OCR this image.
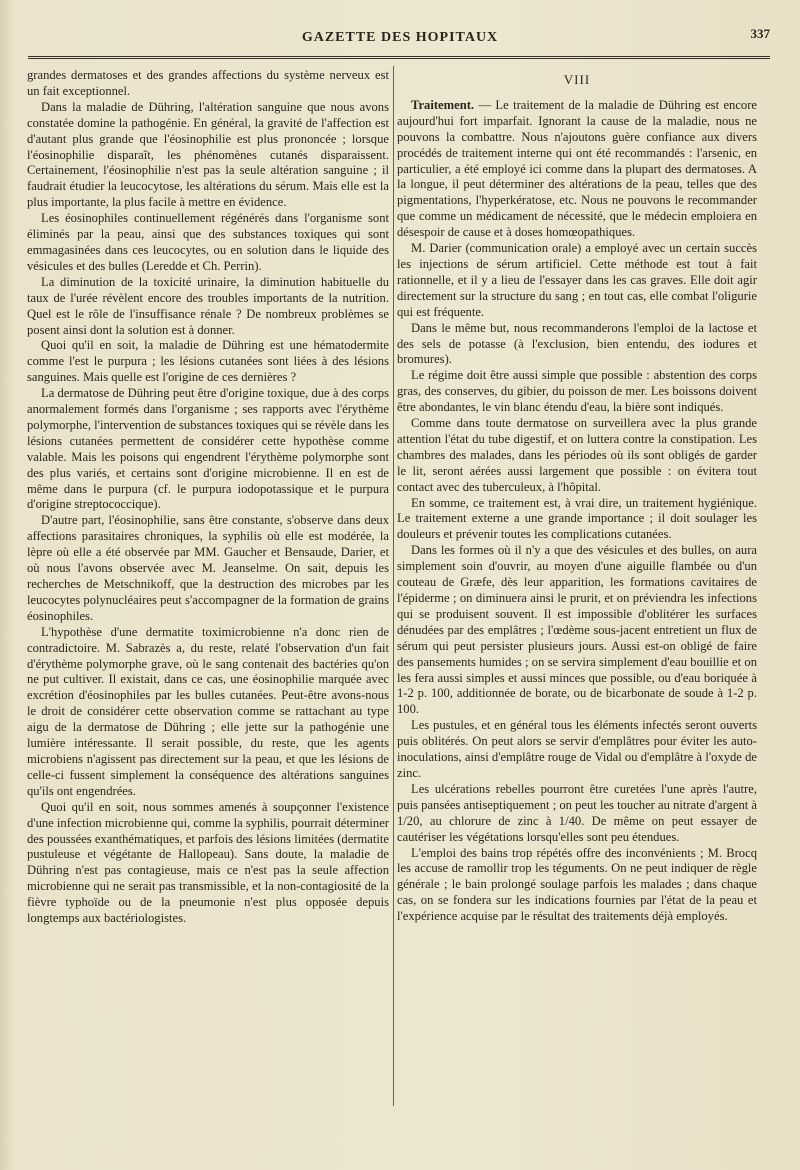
GAZETTE DES HOPITAUX	337

grandes dermatoses et des grandes affections du système nerveux est un fait exceptionnel.

Dans la maladie de Dühring, l'altération sanguine que nous avons constatée domine la pathogénie. En général, la gravité de l'affection est d'autant plus grande que l'éosinophilie est plus prononcée ; lorsque l'éosinophilie disparaît, les phénomènes cutanés disparaissent. Certainement, l'éosinophilie n'est pas la seule altération sanguine ; il faudrait étudier la leucocytose, les altérations du sérum. Mais elle est la plus importante, la plus facile à mettre en évidence.

Les éosinophiles continuellement régénérés dans l'organisme sont éliminés par la peau, ainsi que des substances toxiques qui sont emmagasinées dans ces leucocytes, ou en solution dans le liquide des vésicules et des bulles (Leredde et Ch. Perrin).

La diminution de la toxicité urinaire, la diminution habituelle du taux de l'urée révèlent encore des troubles importants de la nutrition. Quel est le rôle de l'insuffisance rénale ? De nombreux problèmes se posent ainsi dont la solution est à donner.

Quoi qu'il en soit, la maladie de Dühring est une hématodermite comme l'est le purpura ; les lésions cutanées sont liées à des lésions sanguines. Mais quelle est l'origine de ces dernières ?

La dermatose de Dühring peut être d'origine toxique, due à des corps anormalement formés dans l'organisme ; ses rapports avec l'érythème polymorphe, l'intervention de substances toxiques qui se révèle dans les lésions cutanées permettent de considérer cette hypothèse comme valable. Mais les poisons qui engendrent l'érythème polymorphe sont des plus variés, et certains sont d'origine microbienne. Il en est de même dans le purpura (cf. le purpura iodopotassique et le purpura d'origine streptococcique).

D'autre part, l'éosinophilie, sans être constante, s'observe dans deux affections parasitaires chroniques, la syphilis où elle est modérée, la lèpre où elle a été observée par MM. Gaucher et Bensaude, Darier, et où nous l'avons observée avec M. Jeanselme. On sait, depuis les recherches de Metschnikoff, que la destruction des microbes par les leucocytes polynucléaires peut s'accompagner de la formation de grains éosinophiles.

L'hypothèse d'une dermatite toximicrobienne n'a donc rien de contradictoire. M. Sabrazès a, du reste, relaté l'observation d'un fait d'érythème polymorphe grave, où le sang contenait des bactéries qu'on ne put cultiver. Il existait, dans ce cas, une éosinophilie marquée avec excrétion d'éosinophiles par les bulles cutanées. Peut-être avons-nous le droit de considérer cette observation comme se rattachant au type aigu de la dermatose de Dühring ; elle jette sur la pathogénie une lumière intéressante. Il serait possible, du reste, que les agents microbiens n'agissent pas directement sur la peau, et que les lésions de celle-ci fussent simplement la conséquence des altérations sanguines qu'ils ont engendrées.

Quoi qu'il en soit, nous sommes amenés à soupçonner l'existence d'une infection microbienne qui, comme la syphilis, pourrait déterminer des poussées exanthématiques, et parfois des lésions limitées (dermatite pustuleuse et végétante de Hallopeau). Sans doute, la maladie de Dühring n'est pas contagieuse, mais ce n'est pas la seule affection microbienne qui ne serait pas transmissible, et la non-contagiosité de la fièvre typhoïde ou de la pneumonie n'est plus opposée depuis longtemps aux bactériologistes.

VIII

Traitement. — Le traitement de la maladie de Dühring est encore aujourd'hui fort imparfait. Ignorant la cause de la maladie, nous ne pouvons la combattre. Nous n'ajoutons guère confiance aux divers procédés de traitement interne qui ont été recommandés : l'arsenic, en particulier, a été employé ici comme dans la plupart des dermatoses. A la longue, il peut déterminer des altérations de la peau, telles que des pigmentations, l'hyperkératose, etc. Nous ne pouvons le recommander que comme un médicament de nécessité, que le médecin emploiera en désespoir de cause et à doses homœopathiques.

M. Darier (communication orale) a employé avec un certain succès les injections de sérum artificiel. Cette méthode est tout à fait rationnelle, et il y a lieu de l'essayer dans les cas graves. Elle doit agir directement sur la structure du sang ; en tout cas, elle combat l'oligurie qui est fréquente.

Dans le même but, nous recommanderons l'emploi de la lactose et des sels de potasse (à l'exclusion, bien entendu, des iodures et bromures).

Le régime doit être aussi simple que possible : abstention des corps gras, des conserves, du gibier, du poisson de mer. Les boissons doivent être abondantes, le vin blanc étendu d'eau, la bière sont indiqués.

Comme dans toute dermatose on surveillera avec la plus grande attention l'état du tube digestif, et on luttera contre la constipation. Les chambres des malades, dans les périodes où ils sont obligés de garder le lit, seront aérées aussi largement que possible : on évitera tout contact avec des tuberculeux, à l'hôpital.

En somme, ce traitement est, à vrai dire, un traitement hygiénique. Le traitement externe a une grande importance ; il doit soulager les douleurs et prévenir toutes les complications cutanées.

Dans les formes où il n'y a que des vésicules et des bulles, on aura simplement soin d'ouvrir, au moyen d'une aiguille flambée ou d'un couteau de Græfe, dès leur apparition, les formations cavitaires de l'épiderme ; on diminuera ainsi le prurit, et on préviendra les infections qui se produisent souvent. Il est impossible d'oblitérer les surfaces dénudées par des emplâtres ; l'œdème sous-jacent entretient un flux de sérum qui peut persister plusieurs jours. Aussi est-on obligé de faire des pansements humides ; on se servira simplement d'eau bouillie et on les fera aussi simples et aussi minces que possible, ou d'eau boriquée à 1-2 p. 100, additionnée de borate, ou de bicarbonate de soude à 1-2 p. 100.

Les pustules, et en général tous les éléments infectés seront ouverts puis oblitérés. On peut alors se servir d'emplâtres pour éviter les auto-inoculations, ainsi d'emplâtre rouge de Vidal ou d'emplâtre à l'oxyde de zinc.

Les ulcérations rebelles pourront être curetées l'une après l'autre, puis pansées antiseptiquement ; on peut les toucher au nitrate d'argent à 1/20, au chlorure de zinc à 1/40. De même on peut essayer de cautériser les végétations lorsqu'elles sont peu étendues.

L'emploi des bains trop répétés offre des inconvénients ; M. Brocq les accuse de ramollir trop les téguments. On ne peut indiquer de règle générale ; le bain prolongé soulage parfois les malades ; dans chaque cas, on se fondera sur les indications fournies par l'état de la peau et l'expérience acquise par le résultat des traitements déjà employés.
